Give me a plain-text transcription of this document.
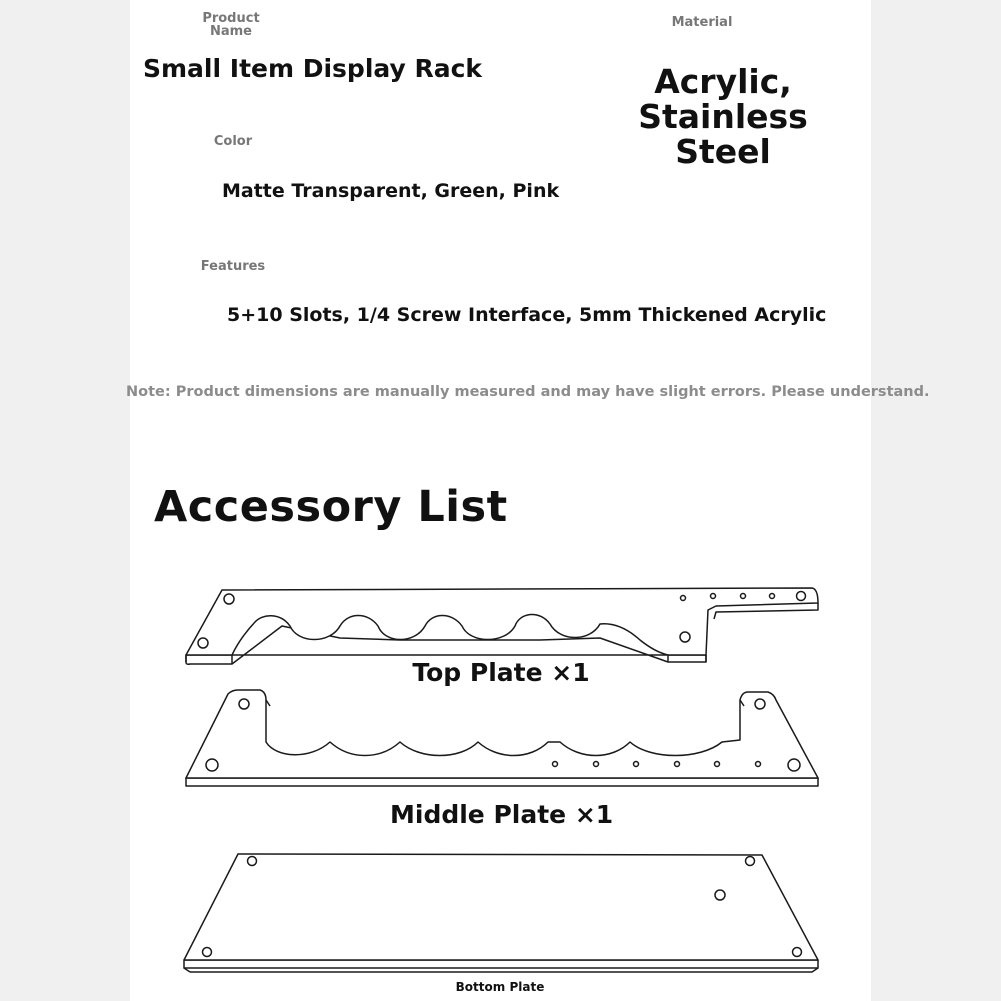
Product
Name
Small Item Display Rack
Material
Acrylic, Stainless
Steel
Color
Matte Transparent, Green, Pink
Features
5+10 Slots, 1/4 Screw Interface, 5mm Thickened Acrylic
Note: Product dimensions are manually measured and may have slight errors. Please understand.
Accessory List
Top Plate ×1
Middle Plate ×1
Bottom Plate
